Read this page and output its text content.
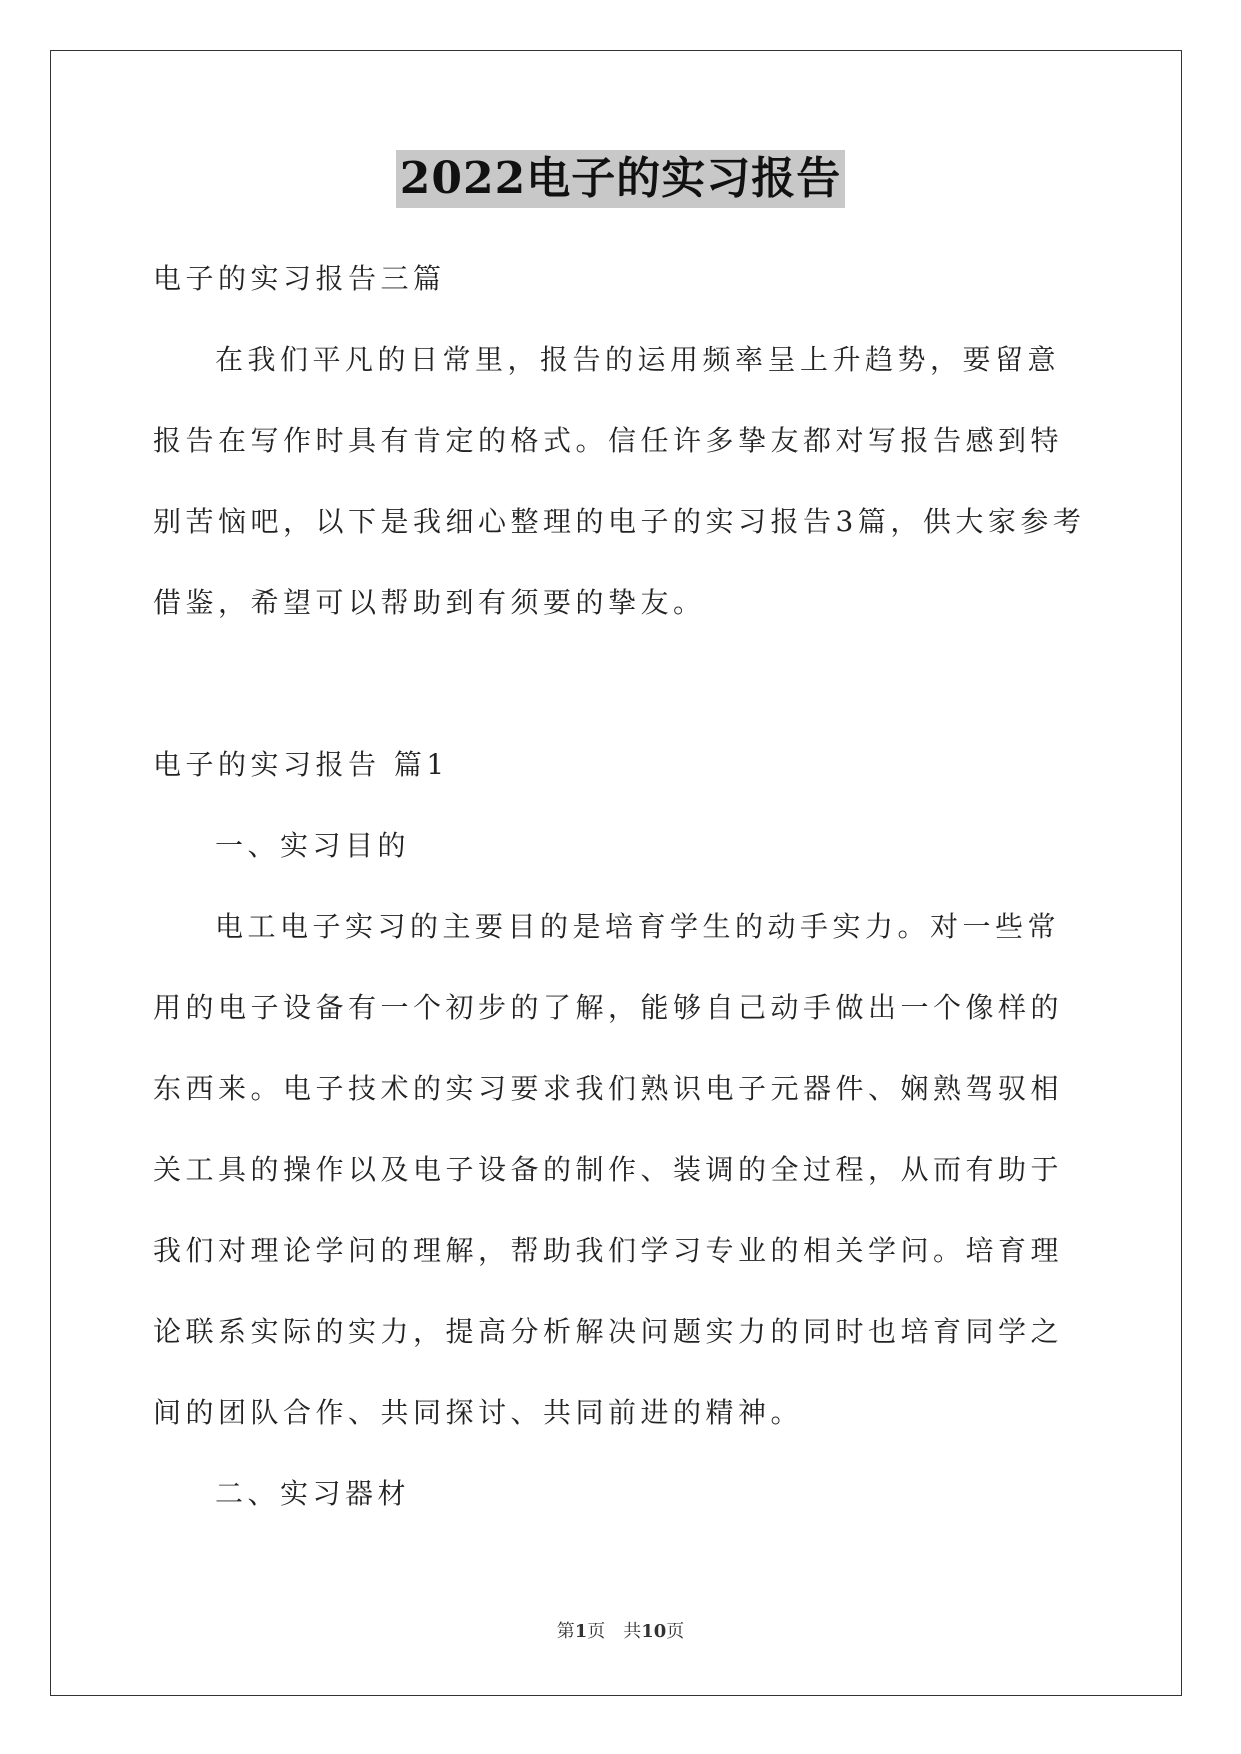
2022电子的实习报告

电子的实习报告三篇

在我们平凡的日常里，报告的运用频率呈上升趋势，要留意报告在写作时具有肯定的格式。信任许多挚友都对写报告感到特别苦恼吧，以下是我细心整理的电子的实习报告3篇，供大家参考借鉴，希望可以帮助到有须要的挚友。

电子的实习报告 篇1

一、实习目的

电工电子实习的主要目的是培育学生的动手实力。对一些常用的电子设备有一个初步的了解，能够自己动手做出一个像样的东西来。电子技术的实习要求我们熟识电子元器件、娴熟驾驭相关工具的操作以及电子设备的制作、装调的全过程，从而有助于我们对理论学问的理解，帮助我们学习专业的相关学问。培育理论联系实际的实力，提高分析解决问题实力的同时也培育同学之间的团队合作、共同探讨、共同前进的精神。

二、实习器材

第1页 共10页
